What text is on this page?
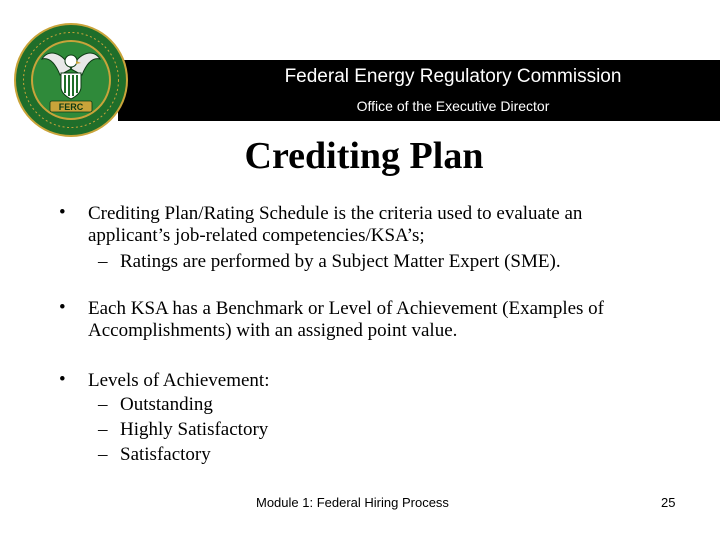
Federal Energy Regulatory Commission
Office of the Executive Director
FERC
Crediting Plan
• Crediting Plan/Rating Schedule is the criteria used to evaluate an
applicant’s job-related competencies/KSA’s;
– Ratings are performed by a Subject Matter Expert (SME).
• Each KSA has a Benchmark or Level of Achievement (Examples of
Accomplishments) with an assigned point value.
• Levels of Achievement:
– Outstanding
– Highly Satisfactory
– Satisfactory
Module 1: Federal Hiring Process	25
